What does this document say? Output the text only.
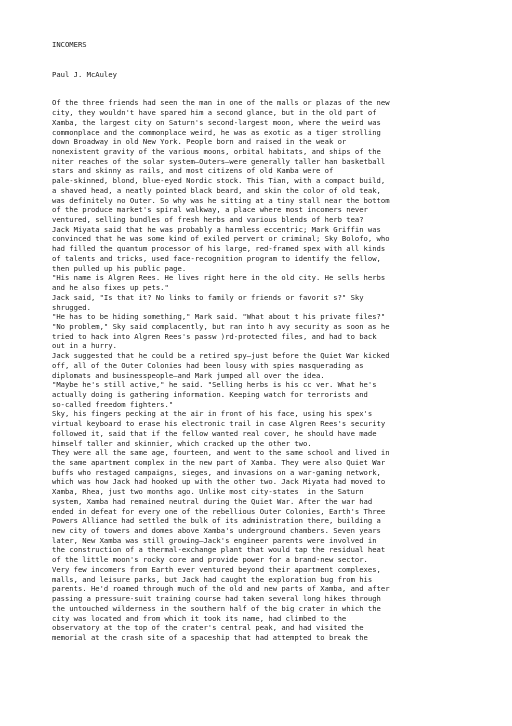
INCOMERS

Paul J. McAuley

Of the three friends had seen the man in one of the malls or plazas of the new
city, they wouldn't have spared him a second glance, but in the old part of
Xamba, the largest city on Saturn's second-largest moon, where the weird was
commonplace and the commonplace weird, he was as exotic as a tiger strolling
down Broadway in old New York. People born and raised in the weak or
nonexistent gravity of the various moons, orbital habitats, and ships of the
niter reaches of the solar system—Outers—were generally taller han basketball
stars and skinny as rails, and most citizens of old Kamba were of
pale-skinned, blond, blue-eyed Nordic stock. This Tian, with a compact build,
a shaved head, a neatly pointed black beard, and skin the color of old teak,
was definitely no Outer. So why was he sitting at a tiny stall near the bottom
of the produce market's spiral walkway, a place where most incomers never
ventured, selling bundles of fresh herbs and various blends of herb tea?
Jack Miyata said that he was probably a harmless eccentric; Mark Griffin was
convinced that he was some kind of exiled pervert or criminal; Sky Bolofo, who
had filled the quantum processor of his large, red-framed spex with all kinds
of talents and tricks, used face-recognition program to identify the fellow,
then pulled up his public page.
"His name is Algren Rees. He lives right here in the old city. He sells herbs
and he also fixes up pets."
Jack said, "Is that it? No links to family or friends or favorit s?" Sky
shrugged.
"He has to be hiding something," Mark said. "What about t his private files?"
"No problem," Sky said complacently, but ran into h avy security as soon as he
tried to hack into Algren Rees's passw )rd-protected files, and had to back
out in a hurry.
Jack suggested that he could be a retired spy—just before the Quiet War kicked
off, all of the Outer Colonies had been lousy with spies masquerading as
diplomats and businesspeople—and Mark jumped all over the idea.
"Maybe he's still active," he said. "Selling herbs is his cc ver. What he's
actually doing is gathering information. Keeping watch for terrorists and
so-called freedom fighters."
Sky, his fingers pecking at the air in front of his face, using his spex's
virtual keyboard to erase his electronic trail in case Algren Rees's security
followed it, said that if the fellow wanted real cover, he should have made
himself taller and skinnier, which cracked up the other two.
They were all the same age, fourteen, and went to the same school and lived in
the same apartment complex in the new part of Xamba. They were also Quiet War
buffs who restaged campaigns, sieges, and invasions on a war-gaming network,
which was how Jack had hooked up with the other two. Jack Miyata had moved to
Xamba, Rhea, just two months ago. Unlike most city-states  in the Saturn
system, Xamba had remained neutral during the Quiet War. After the war had
ended in defeat for every one of the rebellious Outer Colonies, Earth's Three
Powers Alliance had settled the bulk of its administration there, building a
new city of towers and domes above Xamba's underground chambers. Seven years
later, New Xamba was still growing—Jack's engineer parents were involved in
the construction of a thermal-exchange plant that would tap the residual heat
of the little moon's rocky core and provide power for a brand-new sector.
Very few incomers from Earth ever ventured beyond their apartment complexes,
malls, and leisure parks, but Jack had caught the exploration bug from his
parents. He'd roamed through much of the old and new parts of Xamba, and after
passing a pressure-suit training course had taken several long hikes through
the untouched wilderness in the southern half of the big crater in which the
city was located and from which it took its name, had climbed to the
observatory at the top of the crater's central peak, and had visited the
memorial at the crash site of a spaceship that had attempted to break the
